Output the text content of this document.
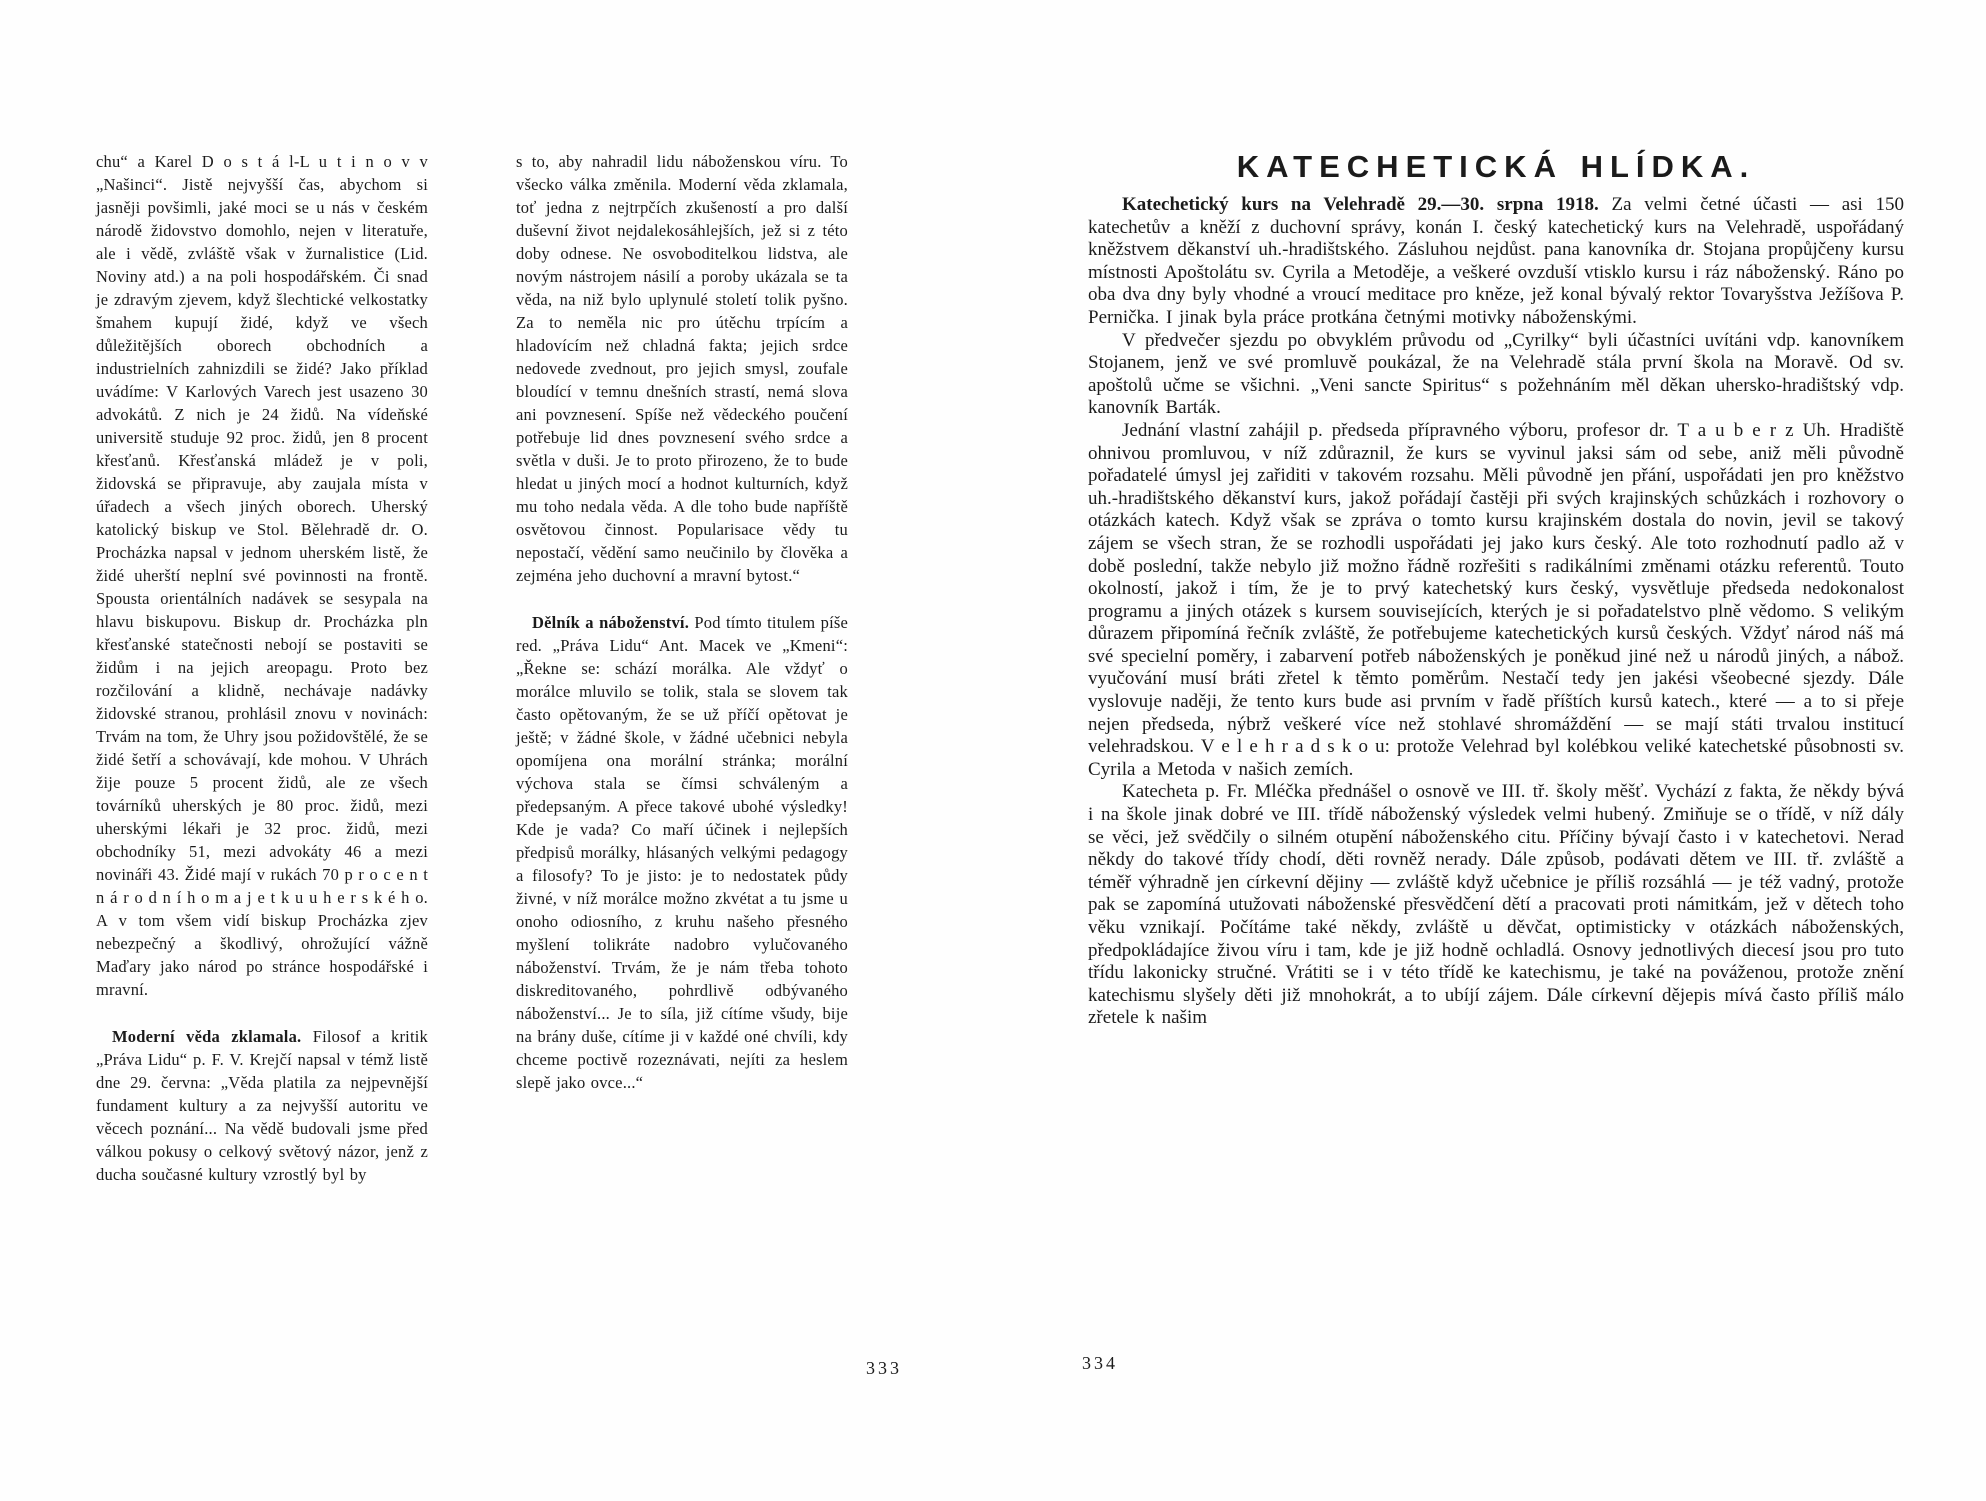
chu“ a Karel D o s t á l-L u t i n o v v „Našinci“. Jistě nejvyšší čas, abychom si jasněji povšimli, jaké moci se u nás v českém národě židovstvo domohlo, nejen v literatuře, ale i vědě, zvláště však v žurnalistice (Lid. Noviny atd.) a na poli hospodářském. Či snad je zdravým zjevem, když šlechtické velkostatky šmahem kupují židé, když ve všech důležitějších oborech obchodních a industrielních zahnizdili se židé? Jako příklad uvádíme: V Karlových Varech jest usazeno 30 advokátů. Z nich je 24 židů. Na vídeňské universitě studuje 92 proc. židů, jen 8 procent křesťanů. Křesťanská mládež je v poli, židovská se připravuje, aby zaujala místa v úřadech a všech jiných oborech. Uherský katolický biskup ve Stol. Bělehradě dr. O. Procházka napsal v jednom uherském listě, že židé uherští neplní své povinnosti na frontě. Spousta orientálních nadávek se sesypala na hlavu biskupovu. Biskup dr. Procházka pln křesťanské statečnosti nebojí se postaviti se židům i na jejich areopagu. Proto bez rozčilování a klidně, nechávaje nadávky židovské stranou, prohlásil znovu v novinách: Trvám na tom, že Uhry jsou požidovštělé, že se židé šetří a schovávají, kde mohou. V Uhrách žije pouze 5 procent židů, ale ze všech továrníků uherských je 80 proc. židů, mezi uherskými lékaři je 32 proc. židů, mezi obchodníky 51, mezi advokáty 46 a mezi novináři 43. Židé mají v rukách 70 p r o c e n t n á r o d n í h o m a j e t k u u h e r s k é h o. A v tom všem vidí biskup Procházka zjev nebezpečný a škodlivý, ohrožující vážně Maďary jako národ po stránce hospodářské i mravní.

Moderní věda zklamala. Filosof a kritik „Práva Lidu“ p. F. V. Krejčí napsal v témž listě dne 29. června: „Věda platila za nejpevnější fundament kultury a za nejvyšší autoritu ve věcech poznání... Na vědě budovali jsme před válkou pokusy o celkový světový názor, jenž z ducha současné kultury vzrostlý byl by

s to, aby nahradil lidu náboženskou víru. To všecko válka změnila. Moderní věda zklamala, toť jedna z nejtrpčích zkušeností a pro další duševní život nejdalekosáhlejších, jež si z této doby odnese. Ne osvoboditelkou lidstva, ale novým nástrojem násilí a poroby ukázala se ta věda, na niž bylo uplynulé století tolik pyšno. Za to neměla nic pro útěchu trpícím a hladovícím než chladná fakta; jejich srdce nedovede zvednout, pro jejich smysl, zoufale bloudící v temnu dnešních strastí, nemá slova ani povznesení. Spíše než vědeckého poučení potřebuje lid dnes povznesení svého srdce a světla v duši. Je to proto přirozeno, že to bude hledat u jiných mocí a hodnot kulturních, když mu toho nedala věda. A dle toho bude napříště osvětovou činnost. Popularisace vědy tu nepostačí, vědění samo neučinilo by člověka a zejména jeho duchovní a mravní bytost.“

Dělník a náboženství. Pod tímto titulem píše red. „Práva Lidu“ Ant. Macek ve „Kmeni“: „Řekne se: schází morálka. Ale vždyť o morálce mluvilo se tolik, stala se slovem tak často opětovaným, že se už příčí opětovat je ještě; v žádné škole, v žádné učebnici nebyla opomíjena ona morální stránka; morální výchova stala se čímsi schváleným a předepsaným. A přece takové ubohé výsledky! Kde je vada? Co maří účinek i nejlepších předpisů morálky, hlásaných velkými pedagogy a filosofy? To je jisto: je to nedostatek půdy živné, v níž morálce možno zkvétat a tu jsme u onoho odiosního, z kruhu našeho přesného myšlení tolikráte nadobro vylučovaného náboženství. Trvám, že je nám třeba tohoto diskreditovaného, pohrdlivě odbývaného náboženství... Je to síla, již cítíme všudy, bije na brány duše, cítíme ji v každé oné chvíli, kdy chceme poctivě rozeznávati, nejíti za heslem slepě jako ovce...“

333
KATECHETICKÁ HLÍDKA.

Katechetický kurs na Velehradě 29.—30. srpna 1918. Za velmi četné účasti — asi 150 katechetův a kněží z duchovní správy, konán I. český katechetický kurs na Velehradě, uspořádaný kněžstvem děkanství uh.-hradištského. Zásluhou nejdůst. pana kanovníka dr. Stojana propůjčeny kursu místnosti Apoštolátu sv. Cyrila a Metoděje, a veškeré ovzduší vtisklo kursu i ráz náboženský. Ráno po oba dva dny byly vhodné a vroucí meditace pro kněze, jež konal bývalý rektor Tovaryšstva Ježíšova P. Pernička. I jinak byla práce protkána četnými motivky náboženskými.

V předvečer sjezdu po obvyklém průvodu od „Cyrilky“ byli účastníci uvítáni vdp. kanovníkem Stojanem, jenž ve své promluvě poukázal, že na Velehradě stála první škola na Moravě. Od sv. apoštolů učme se všichni. „Veni sancte Spiritus“ s požehnáním měl děkan uhersko-hradištský vdp. kanovník Barták.

Jednání vlastní zahájil p. předseda přípravného výboru, profesor dr. T a u b e r z Uh. Hradiště ohnivou promluvou, v níž zdůraznil, že kurs se vyvinul jaksi sám od sebe, aniž měli původně pořadatelé úmysl jej zařiditi v takovém rozsahu. Měli původně jen přání, uspořádati jen pro kněžstvo uh.-hradištského děkanství kurs, jakož pořádají častěji při svých krajinských schůzkách i rozhovory o otázkách katech. Když však se zpráva o tomto kursu krajinském dostala do novin, jevil se takový zájem se všech stran, že se rozhodli uspořádati jej jako kurs český. Ale toto rozhodnutí padlo až v době poslední, takže nebylo již možno řádně rozřešiti s radikálními změnami otázku referentů. Touto okolností, jakož i tím, že je to prvý katechetský kurs český, vysvětluje předseda nedokonalost programu a jiných otázek s kursem souvisejících, kterých je si pořadatelstvo plně vědomo. S velikým důrazem připomíná řečník zvláště, že potřebujeme katechetických kursů českých. Vždyť národ náš má své specielní poměry, i zabarvení potřeb náboženských je poněkud jiné než u národů jiných, a nábož. vyučování musí bráti zřetel k těmto poměrům. Nestačí tedy jen jakési všeobecné sjezdy. Dále vyslovuje naději, že tento kurs bude asi prvním v řadě příštích kursů katech., které — a to si přeje nejen předseda, nýbrž veškeré více než stohlavé shromáždění — se mají státi trvalou institucí velehradskou. V e l e h r a d s k o u: protože Velehrad byl kolébkou veliké katechetské působnosti sv. Cyrila a Metoda v našich zemích.

Katecheta p. Fr. Mléčka přednášel o osnově ve III. tř. školy měšť. Vychází z fakta, že někdy bývá i na škole jinak dobré ve III. třídě náboženský výsledek velmi hubený. Zmiňuje se o třídě, v níž dály se věci, jež svědčily o silném otupění náboženského citu. Příčiny bývají často i v katechetovi. Nerad někdy do takové třídy chodí, děti rovněž nerady. Dále způsob, podávati dětem ve III. tř. zvláště a téměř výhradně jen církevní dějiny — zvláště když učebnice je příliš rozsáhlá — je též vadný, protože pak se zapomíná utužovati náboženské přesvědčení dětí a pracovati proti námitkám, jež v dětech toho věku vznikají. Počítáme také někdy, zvláště u děvčat, optimisticky v otázkách náboženských, předpokládajíce živou víru i tam, kde je již hodně ochladlá. Osnovy jednotlivých diecesí jsou pro tuto třídu lakonicky stručné. Vrátiti se i v této třídě ke katechismu, je také na pováženou, protože znění katechismu slyšely děti již mnohokrát, a to ubíjí zájem. Dále církevní dějepis mívá často příliš málo zřetele k našim

334
